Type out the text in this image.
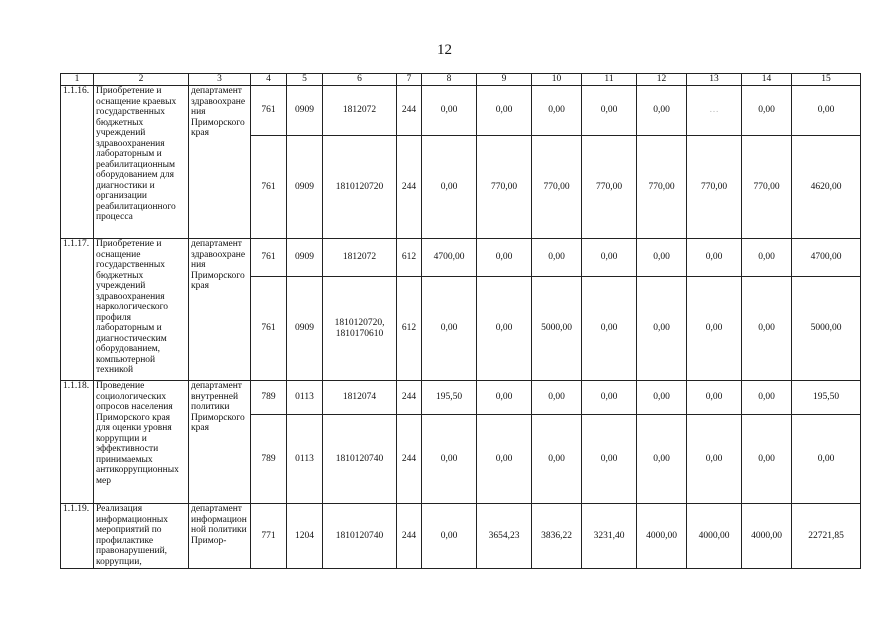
12
1	2	3	4	5	6	7	8	9	10	11	12	13	14	15
1.1.16.	Приобретение и оснащение краевых государственных бюджетных учреждений здравоохранения лабораторным и реабилитационным оборудованием для диагностики и организации реабилитационного процесса	департамент здравоохранения Приморского края	761	0909	1812072	244	0,00	0,00	0,00	0,00	0,00	…	0,00	0,00
			761	0909	1810120720	244	0,00	770,00	770,00	770,00	770,00	770,00	770,00	4620,00
1.1.17.	Приобретение и оснащение государственных бюджетных учреждений здравоохранения наркологического профиля лабораторным и диагностическим оборудованием, компьютерной техникой	департамент здравоохранения Приморского края	761	0909	1812072	612	4700,00	0,00	0,00	0,00	0,00	0,00	0,00	4700,00
			761	0909	1810120720, 1810170610	612	0,00	0,00	5000,00	0,00	0,00	0,00	0,00	5000,00
1.1.18.	Проведение социологических опросов населения Приморского края для оценки уровня коррупции и эффективности принимаемых антикоррупционных мер	департамент внутренней политики Приморского края	789	0113	1812074	244	195,50	0,00	0,00	0,00	0,00	0,00	0,00	195,50
			789	0113	1810120740	244	0,00	0,00	0,00	0,00	0,00	0,00	0,00	0,00
1.1.19.	Реализация информационных мероприятий по профилактике правонарушений, коррупции,	департамент информационной политики Примор-	771	1204	1810120740	244	0,00	3654,23	3836,22	3231,40	4000,00	4000,00	4000,00	22721,85
